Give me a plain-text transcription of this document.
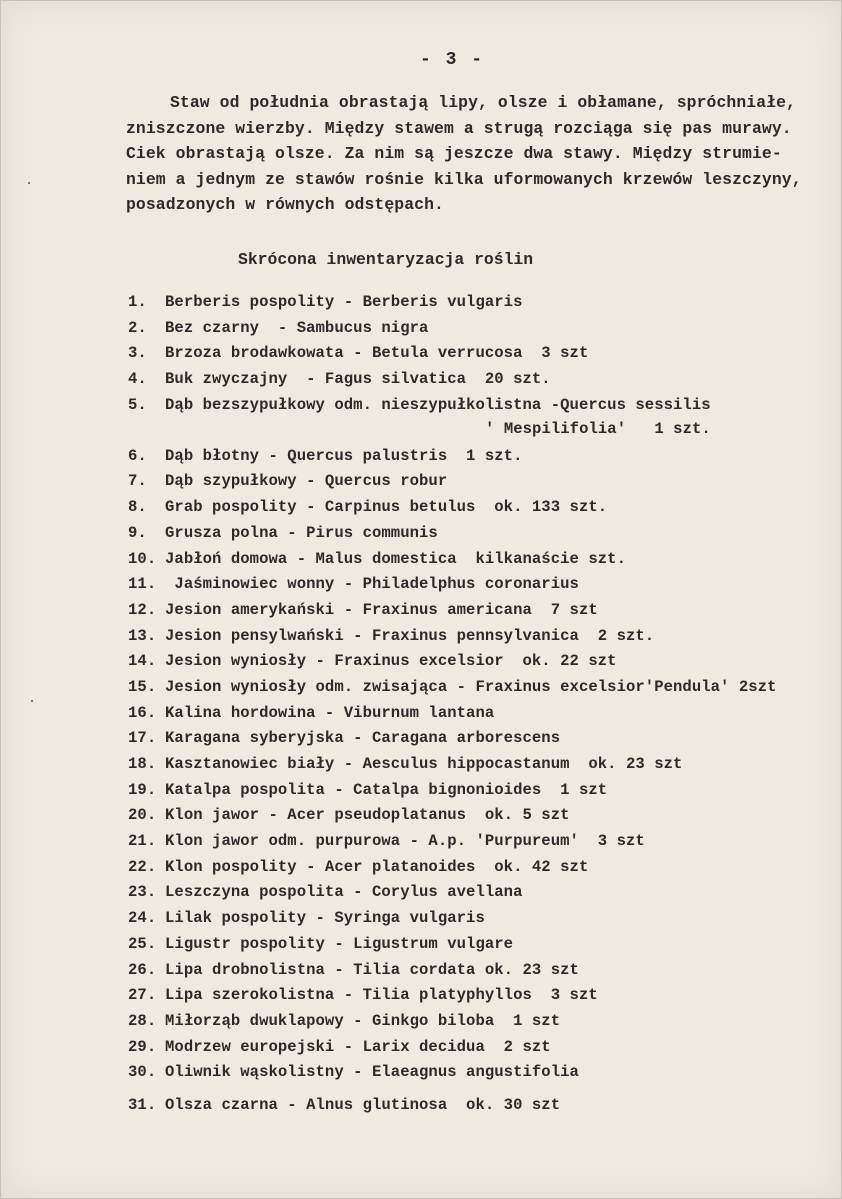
- 3 -

Staw od południa obrastają lipy, olsze i obłamane, spróchniałe,
zniszczone wierzby. Między stawem a strugą rozciąga się pas murawy.
Ciek obrastają olsze. Za nim są jeszcze dwa stawy. Między strumie-
niem a jednym ze stawów rośnie kilka uformowanych krzewów leszczyny,
posadzonych w równych odstępach.

Skrócona inwentaryzacja roślin
1. Berberis pospolity - Berberis vulgaris
2. Bez czarny  - Sambucus nigra
3. Brzoza brodawkowata - Betula verrucosa  3 szt
4. Buk zwyczajny  - Fagus silvatica  20 szt.
5. Dąb bezszypułkowy odm. nieszypułkolistna -Quercus sessilis
' Mespilifolia'   1 szt.
6. Dąb błotny - Quercus palustris  1 szt.
7. Dąb szypułkowy - Quercus robur
8. Grab pospolity - Carpinus betulus  ok. 133 szt.
9. Grusza polna - Pirus communis
10. Jabłoń domowa - Malus domestica  kilkanaście szt.
11. Jaśminowiec wonny - Philadelphus coronarius
12. Jesion amerykański - Fraxinus americana  7 szt
13. Jesion pensylwański - Fraxinus pennsylvanica  2 szt.
14. Jesion wyniosły - Fraxinus excelsior  ok. 22 szt
15. Jesion wyniosły odm. zwisająca - Fraxinus excelsior'Pendula' 2szt
16. Kalina hordowina - Viburnum lantana
17. Karagana syberyjska - Caragana arborescens
18. Kasztanowiec biały - Aesculus hippocastanum  ok. 23 szt
19. Katalpa pospolita - Catalpa bignonioides  1 szt
20. Klon jawor - Acer pseudoplatanus  ok. 5 szt
21. Klon jawor odm. purpurowa - A.p. 'Purpureum'  3 szt
22. Klon pospolity - Acer platanoides  ok. 42 szt
23. Leszczyna pospolita - Corylus avellana
24. Lilak pospolity - Syringa vulgaris
25. Ligustr pospolity - Ligustrum vulgare
26. Lipa drobnolistna - Tilia cordata ok. 23 szt
27. Lipa szerokolistna - Tilia platyphyllos  3 szt
28. Miłorząb dwuklapowy - Ginkgo biloba  1 szt
29. Modrzew europejski - Larix decidua  2 szt
30. Oliwnik wąskolistny - Elaeagnus angustifolia
31. Olsza czarna - Alnus glutinosa  ok. 30 szt
